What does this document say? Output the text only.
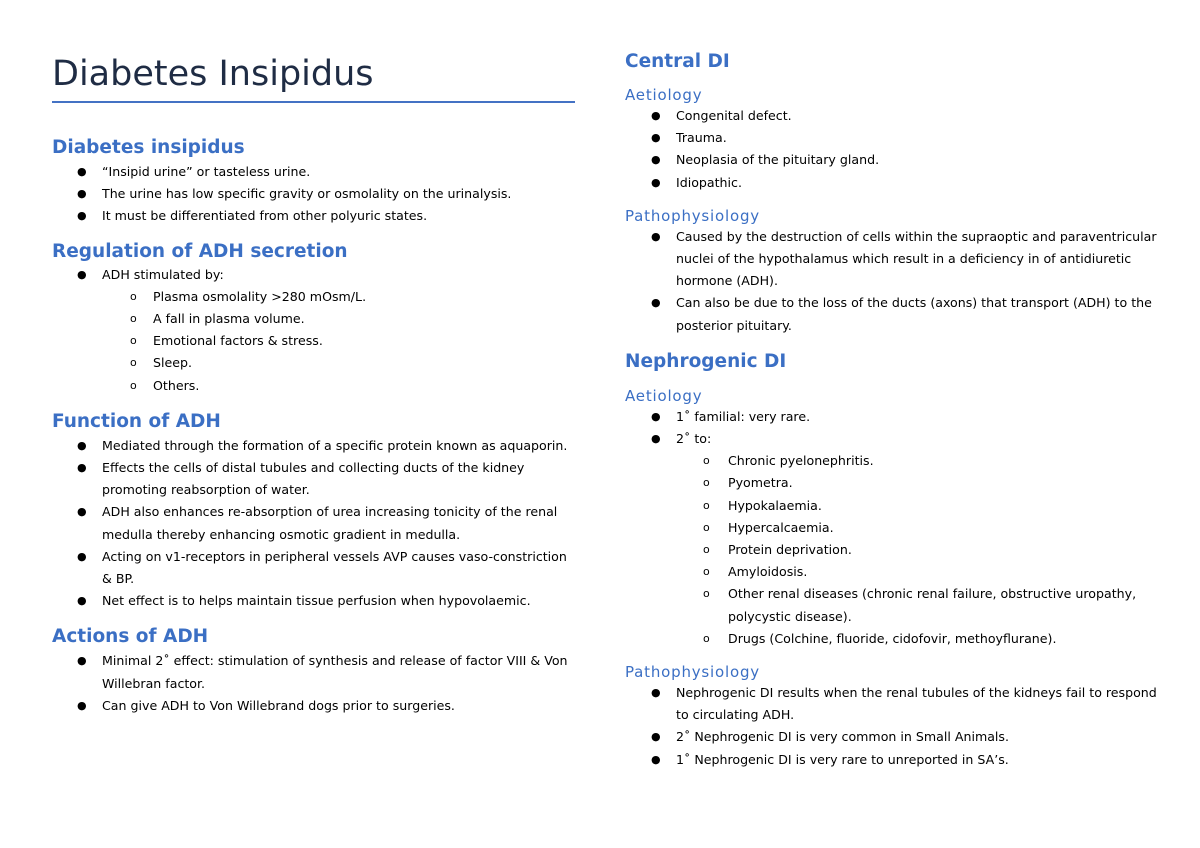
Diabetes Insipidus
Diabetes insipidus
● “Insipid urine” or tasteless urine.
● The urine has low specific gravity or osmolality on the urinalysis.
● It must be differentiated from other polyuric states.
Regulation of ADH secretion
● ADH stimulated by:
o Plasma osmolality >280 mOsm/L.
o A fall in plasma volume.
o Emotional factors & stress.
o Sleep.
o Others.
Function of ADH
● Mediated through the formation of a specific protein known as aquaporin.
● Effects the cells of distal tubules and collecting ducts of the kidney promoting reabsorption of water.
● ADH also enhances re-absorption of urea increasing tonicity of the renal medulla thereby enhancing osmotic gradient in medulla.
● Acting on v1-receptors in peripheral vessels AVP causes vaso-constriction & BP.
● Net effect is to helps maintain tissue perfusion when hypovolaemic.
Actions of ADH
● Minimal 2˚ effect: stimulation of synthesis and release of factor VIII & Von Willebran factor.
● Can give ADH to Von Willebrand dogs prior to surgeries.
Central DI
Aetiology
● Congenital defect.
● Trauma.
● Neoplasia of the pituitary gland.
● Idiopathic.
Pathophysiology
● Caused by the destruction of cells within the supraoptic and paraventricular nuclei of the hypothalamus which result in a deficiency in of antidiuretic hormone (ADH).
● Can also be due to the loss of the ducts (axons) that transport (ADH) to the posterior pituitary.
Nephrogenic DI
Aetiology
● 1˚ familial: very rare.
● 2˚ to:
o Chronic pyelonephritis.
o Pyometra.
o Hypokalaemia.
o Hypercalcaemia.
o Protein deprivation.
o Amyloidosis.
o Other renal diseases (chronic renal failure, obstructive uropathy, polycystic disease).
o Drugs (Colchine, fluoride, cidofovir, methoyflurane).
Pathophysiology
● Nephrogenic DI results when the renal tubules of the kidneys fail to respond to circulating ADH.
● 2˚ Nephrogenic DI is very common in Small Animals.
● 1˚ Nephrogenic DI is very rare to unreported in SA’s.
